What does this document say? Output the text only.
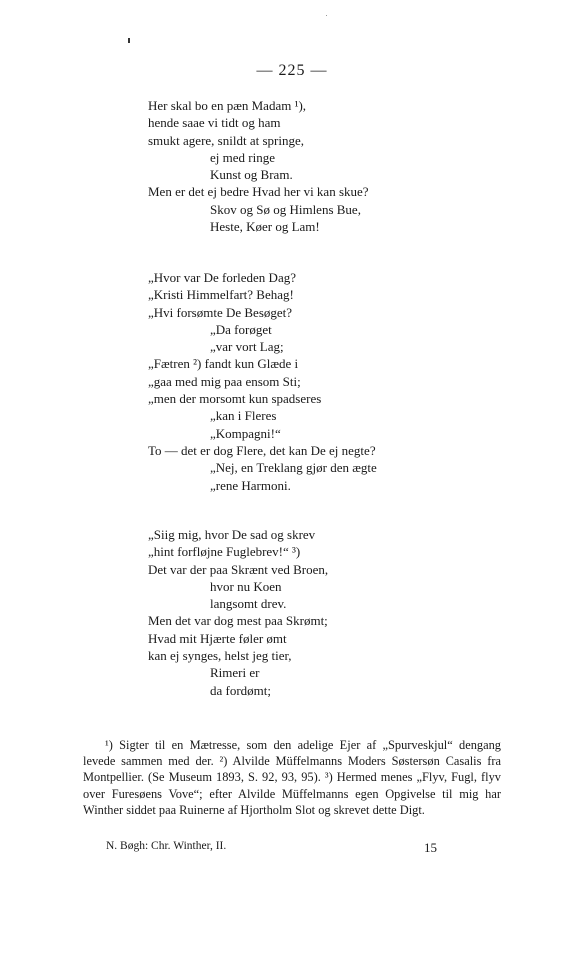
— 225 —
Her skal bo en pæn Madam ¹),
hende saae vi tidt og ham
smukt agere, snildt at springe,
ej med ringe
Kunst og Bram.
Men er det ej bedre Hvad her vi kan skue?
Skov og Sø og Himlens Bue,
Heste, Køer og Lam!
„Hvor var De forleden Dag?
„Kristi Himmelfart? Behag!
„Hvi forsømte De Besøget?
„Da forøget
„var vort Lag;
„Fætren ²) fandt kun Glæde i
„gaa med mig paa ensom Sti;
„men der morsomt kun spadseres
„kan i Fleres
„Kompagni!“
To — det er dog Flere, det kan De ej negte?
„Nej, en Treklang gjør den ægte
„rene Harmoni.
„Siig mig, hvor De sad og skrev
„hint forfløjne Fuglebrev!“ ³)
Det var der paa Skrænt ved Broen,
hvor nu Koen
langsomt drev.
Men det var dog mest paa Skrømt;
Hvad mit Hjærte føler ømt
kan ej synges, helst jeg tier,
Rimeri er
da fordømt;

¹) Sigter til en Mætresse, som den adelige Ejer af „Spurveskjul“ dengang levede sammen med der. ²) Alvilde Müffelmanns Moders Søstersøn Casalis fra Montpellier. (Se Museum 1893, S. 92, 93, 95). ³) Hermed menes „Flyv, Fugl, flyv over Furesøens Vove“; efter Alvilde Müffelmanns egen Opgivelse til mig har Winther siddet paa Ruinerne af Hjortholm Slot og skrevet dette Digt.

N. Bøgh: Chr. Winther, II.	15
